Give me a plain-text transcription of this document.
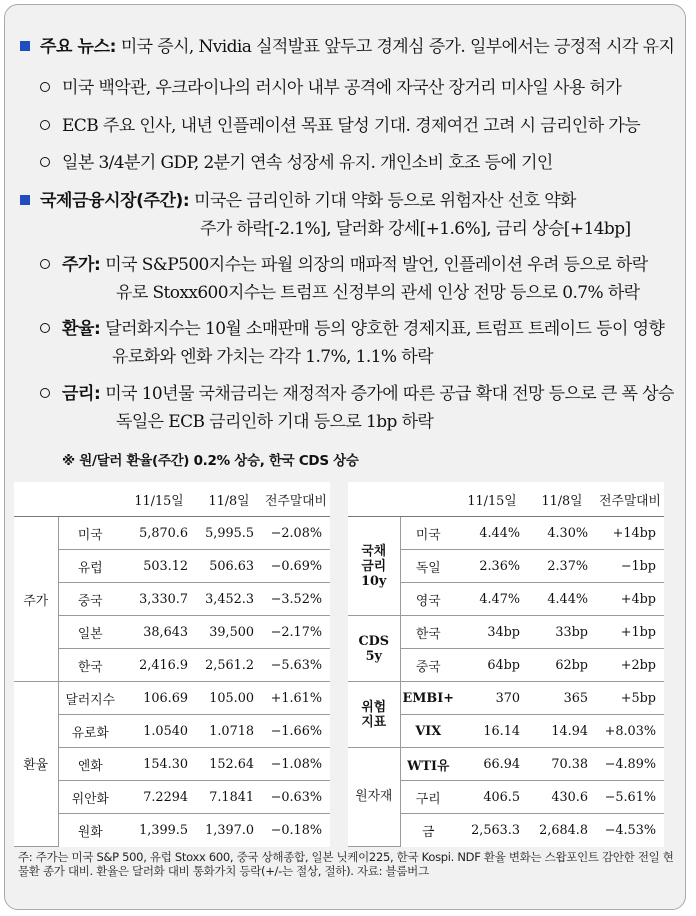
주요 뉴스: 미국 증시, Nvidia 실적발표 앞두고 경계심 증가. 일부에서는 긍정적 시각 유지
미국 백악관, 우크라이나의 러시아 내부 공격에 자국산 장거리 미사일 사용 허가
ECB 주요 인사, 내년 인플레이션 목표 달성 기대. 경제여건 고려 시 금리인하 가능
일본 3/4분기 GDP, 2분기 연속 성장세 유지. 개인소비 호조 등에 기인
국제금융시장(주간): 미국은 금리인하 기대 약화 등으로 위험자산 선호 약화
주가 하락[-2.1%], 달러화 강세[+1.6%], 금리 상승[+14bp]
주가: 미국 S&P500지수는 파월 의장의 매파적 발언, 인플레이션 우려 등으로 하락
유로 Stoxx600지수는 트럼프 신정부의 관세 인상 전망 등으로 0.7% 하락
환율: 달러화지수는 10월 소매판매 등의 양호한 경제지표, 트럼프 트레이드 등이 영향
유로화와 엔화 가치는 각각 1.7%, 1.1% 하락
금리: 미국 10년물 국채금리는 재정적자 증가에 따른 공급 확대 전망 등으로 큰 폭 상승
독일은 ECB 금리인하 기대 등으로 1bp 하락
※ 원/달러 환율(주간) 0.2% 상승, 한국 CDS 상승
		11/15일	11/8일	전주말대비
주가	미국	5,870.6	5,995.5	−2.08%
	유럽	503.12	506.63	−0.69%
	중국	3,330.7	3,452.3	−3.52%
	일본	38,643	39,500	−2.17%
	한국	2,416.9	2,561.2	−5.63%
환율	달러지수	106.69	105.00	+1.61%
	유로화	1.0540	1.0718	−1.66%
	엔화	154.30	152.64	−1.08%
	위안화	7.2294	7.1841	−0.63%
	원화	1,399.5	1,397.0	−0.18%
		11/15일	11/8일	전주말대비
국채
금리
10y	미국	4.44%	4.30%	+14bp
	독일	2.36%	2.37%	−1bp
	영국	4.47%	4.44%	+4bp
CDS
5y	한국	34bp	33bp	+1bp
	중국	64bp	62bp	+2bp
위험
지표	EMBI+	370	365	+5bp
	VIX	16.14	14.94	+8.03%
원자재	WTI유	66.94	70.38	−4.89%
	구리	406.5	430.6	−5.61%
	금	2,563.3	2,684.8	−4.53%
주: 주가는 미국 S&P 500, 유럽 Stoxx 600, 중국 상해종합, 일본 닛케이225, 한국 Kospi. NDF 환율 변화는 스왑포인트 감안한 전일 현물환 종가 대비. 환율은 달러화 대비 통화가치 등락(+/-는 절상, 절하). 자료: 블룸버그
